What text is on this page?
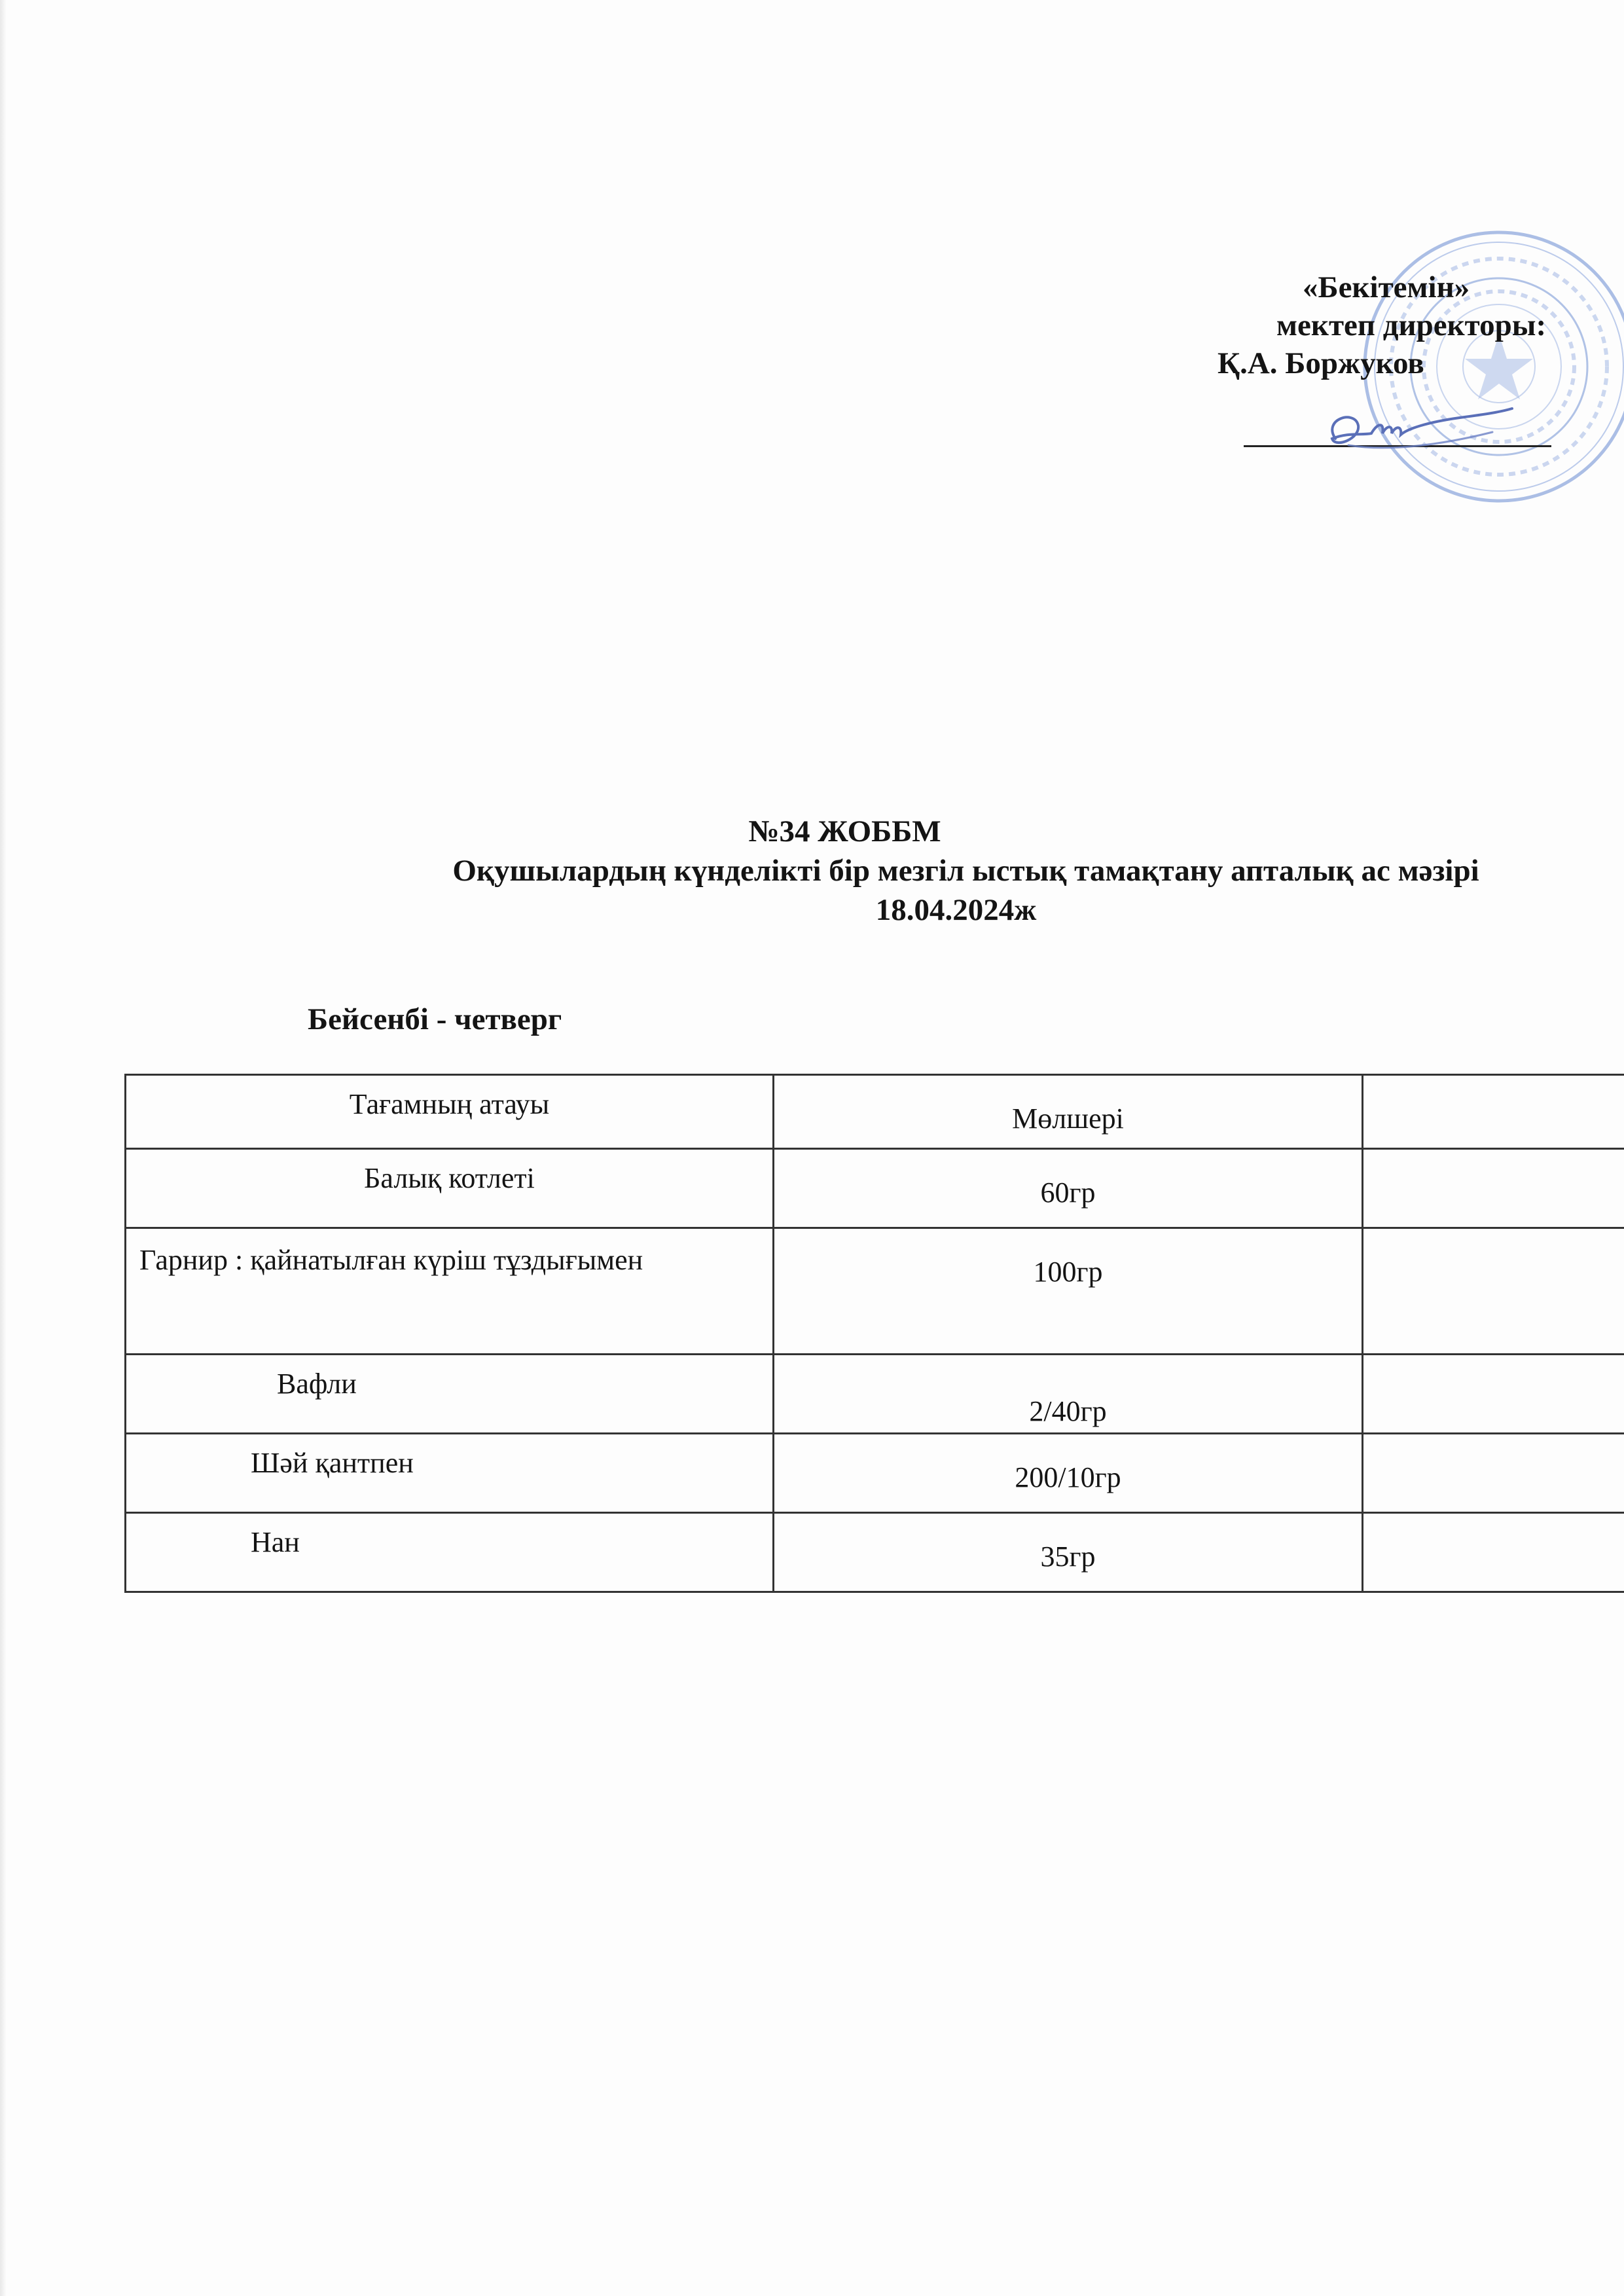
«Бекітемін»
мектеп директоры:
Қ.А. Боржуков
№34 ЖОББМ
Оқушылардың күнделікті бір мезгіл ыстық тамақтану апталық ас мәзірі
18.04.2024ж
Бейсенбі - четверг
Тағамның атауы	Мөлшері	

Балық котлеті	60гр	

Гарнир : қайнатылған күріш тұздығымен	100гр	

Вафли	2/40гр	

Шәй қантпен	200/10гр	

Нан	35гр	
